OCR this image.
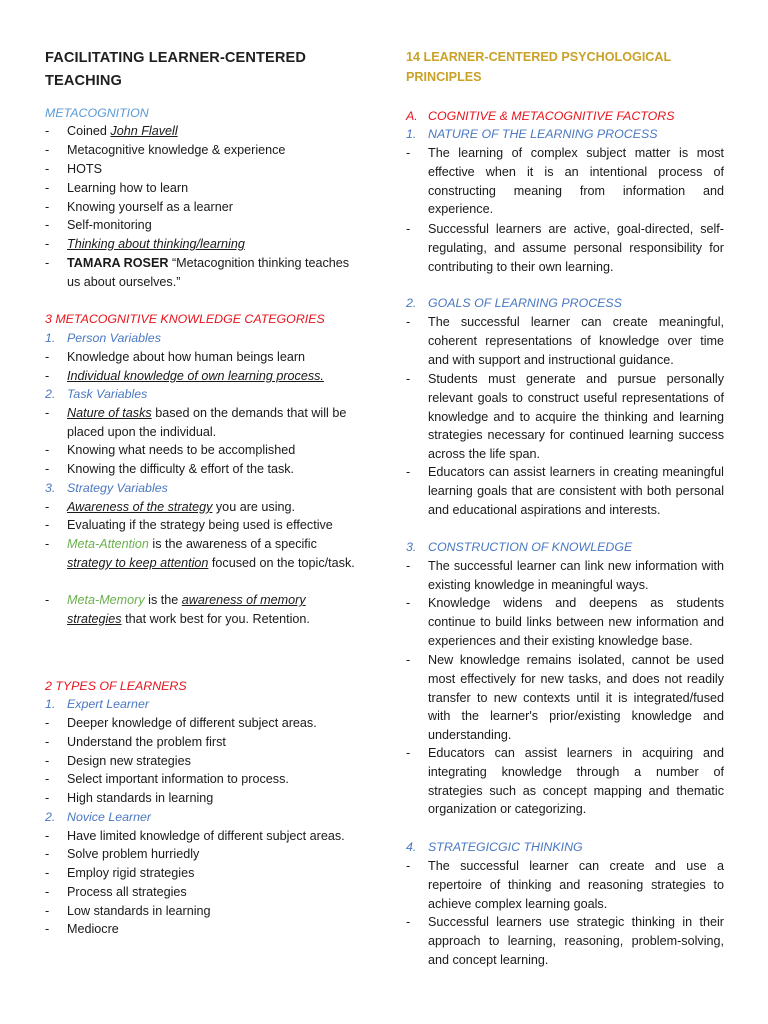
FACILITATING LEARNER-CENTERED
TEACHING
METACOGNITION
- Coined John Flavell
- Metacognitive knowledge & experience
- HOTS
- Learning how to learn
- Knowing yourself as a learner
- Self-monitoring
- Thinking about thinking/learning
- TAMARA ROSER “Metacognition thinking teaches us about ourselves.”
3 METACOGNITIVE KNOWLEDGE CATEGORIES
1. Person Variables
- Knowledge about how human beings learn
- Individual knowledge of own learning process.
2. Task Variables
- Nature of tasks based on the demands that will be placed upon the individual.
- Knowing what needs to be accomplished
- Knowing the difficulty & effort of the task.
3. Strategy Variables
- Awareness of the strategy you are using.
- Evaluating if the strategy being used is effective
- Meta-Attention is the awareness of a specific strategy to keep attention focused on the topic/task.
- Meta-Memory is the awareness of memory strategies that work best for you. Retention.
2 TYPES OF LEARNERS
1. Expert Learner
- Deeper knowledge of different subject areas.
- Understand the problem first
- Design new strategies
- Select important information to process.
- High standards in learning
2. Novice Learner
- Have limited knowledge of different subject areas.
- Solve problem hurriedly
- Employ rigid strategies
- Process all strategies
- Low standards in learning
- Mediocre
14 LEARNER-CENTERED PSYCHOLOGICAL
PRINCIPLES
A. COGNITIVE & METACOGNITIVE FACTORS
1. NATURE OF THE LEARNING PROCESS
- The learning of complex subject matter is most effective when it is an intentional process of constructing meaning from information and experience.
- Successful learners are active, goal-directed, self-regulating, and assume personal responsibility for contributing to their own learning.
2. GOALS OF LEARNING PROCESS
- The successful learner can create meaningful, coherent representations of knowledge over time and with support and instructional guidance.
- Students must generate and pursue personally relevant goals to construct useful representations of knowledge and to acquire the thinking and learning strategies necessary for continued learning success across the life span.
- Educators can assist learners in creating meaningful learning goals that are consistent with both personal and educational aspirations and interests.
3. CONSTRUCTION OF KNOWLEDGE
- The successful learner can link new information with existing knowledge in meaningful ways.
- Knowledge widens and deepens as students continue to build links between new information and experiences and their existing knowledge base.
- New knowledge remains isolated, cannot be used most effectively for new tasks, and does not readily transfer to new contexts until it is integrated/fused with the learner's prior/existing knowledge and understanding.
- Educators can assist learners in acquiring and integrating knowledge through a number of strategies such as concept mapping and thematic organization or categorizing.
4. STRATEGICGIC THINKING
- The successful learner can create and use a repertoire of thinking and reasoning strategies to achieve complex learning goals.
- Successful learners use strategic thinking in their approach to learning, reasoning, problem-solving, and concept learning.
